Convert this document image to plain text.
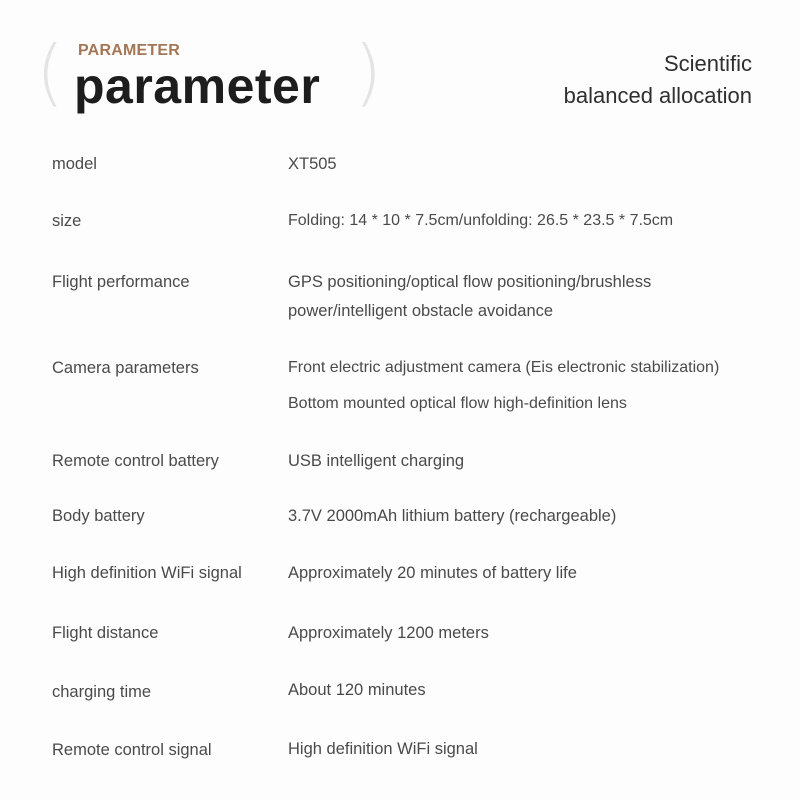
(	)
PARAMETER
parameter	Scientific
balanced allocation
model	XT505
size	Folding: 14 * 10 * 7.5cm/unfolding: 26.5 * 23.5 * 7.5cm
Flight performance	GPS positioning/optical flow positioning/brushless
power/intelligent obstacle avoidance
Camera parameters	Front electric adjustment camera (Eis electronic stabilization)
Bottom mounted optical flow high-definition lens
Remote control battery	USB intelligent charging
Body battery	3.7V 2000mAh lithium battery (rechargeable)
High definition WiFi signal	Approximately 20 minutes of battery life
Flight distance	Approximately 1200 meters
charging time	About 120 minutes
Remote control signal	High definition WiFi signal
